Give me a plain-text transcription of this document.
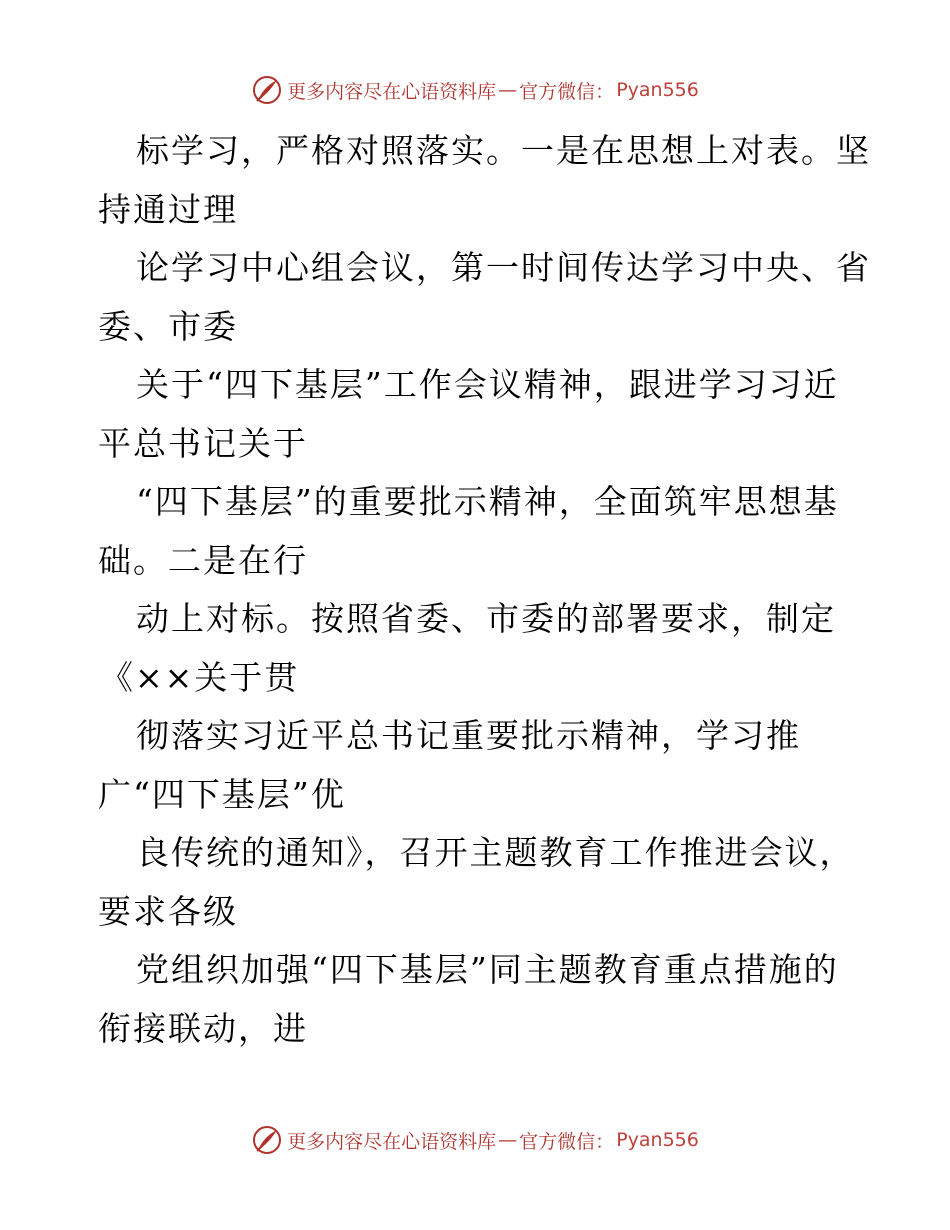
更多内容尽在心语资料库 — 官方微信： Pyan556
标学习，严格对照落实。一是在思想上对表。坚
持通过理
论学习中心组会议，第一时间传达学习中央、省
委、市委
关于“四下基层”工作会议精神，跟进学习习近
平总书记关于
“四下基层”的重要批示精神，全面筑牢思想基
础。二是在行
动上对标。按照省委、市委的部署要求，制定
《××关于贯
彻落实习近平总书记重要批示精神，学习推
广“四下基层”优
良传统的通知》，召开主题教育工作推进会议，
要求各级
党组织加强“四下基层”同主题教育重点措施的
衔接联动，进
更多内容尽在心语资料库 — 官方微信： Pyan556
